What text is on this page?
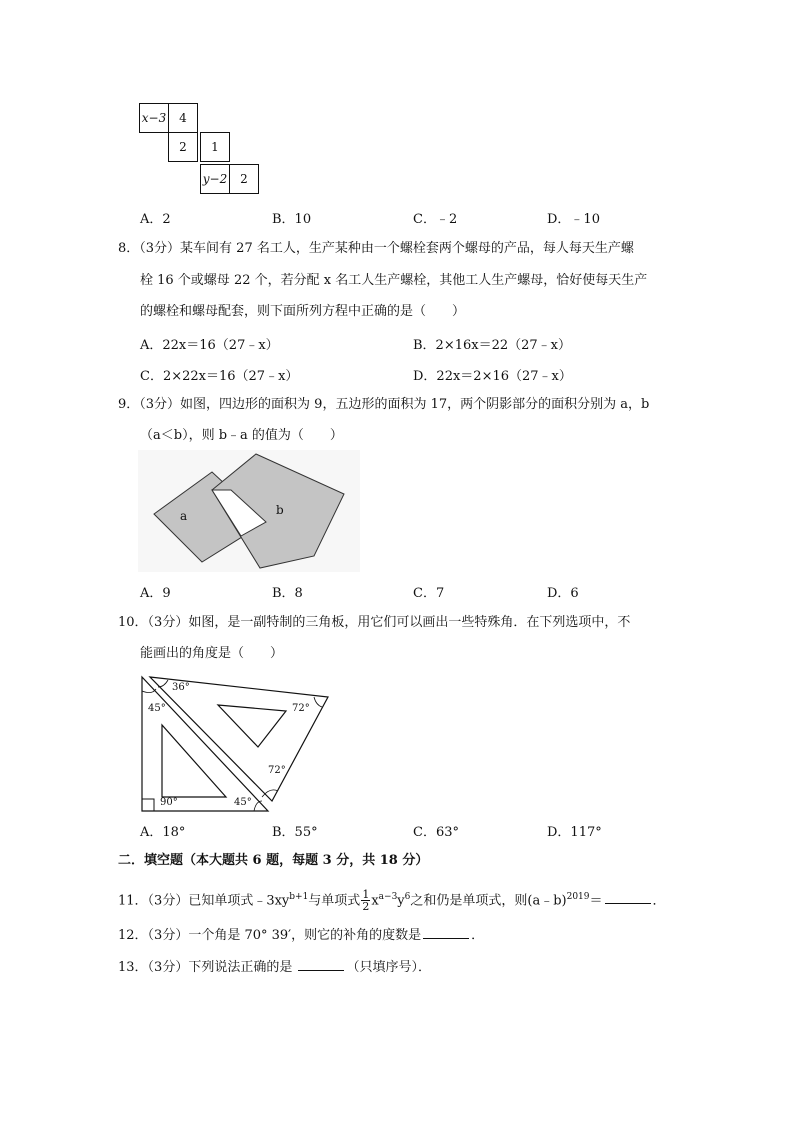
x−3	4
2	1
y−2	2
A．2	B．10	C．﹣2	D．﹣10
8．（3分）某车间有 27 名工人，生产某种由一个螺栓套两个螺母的产品，每人每天生产螺
栓 16 个或螺母 22 个，若分配 x 名工人生产螺栓，其他工人生产螺母，恰好使每天生产
的螺栓和螺母配套，则下面所列方程中正确的是（　　）
A．22x＝16（27﹣x）	B．2×16x＝22（27﹣x）
C．2×22x＝16（27﹣x）	D．22x＝2×16（27﹣x）
9．（3分）如图，四边形的面积为 9，五边形的面积为 17，两个阴影部分的面积分别为 a，b
（a＜b），则 b﹣a 的值为（　　）
a	b
A．9	B．8	C．7	D．6
10．（3分）如图，是一副特制的三角板，用它们可以画出一些特殊角．在下列选项中，不
能画出的角度是（　　）
36°
45°	72°
72°
90°	45°
A．18°	B．55°	C．63°	D．117°
二．填空题（本大题共 6 题，每题 3 分，共 18 分）
11．（3分）已知单项式$﹣3xy^{b+1}$与单项式 $\frac{1}{2} x^{a-3}y^6$之和仍是单项式，则(a﹣b)$^{2019}$＝	．
12．（3分）一个角是 70° 39′，则它的补角的度数是	．
13．（3分）下列说法正确的是	（只填序号）．
